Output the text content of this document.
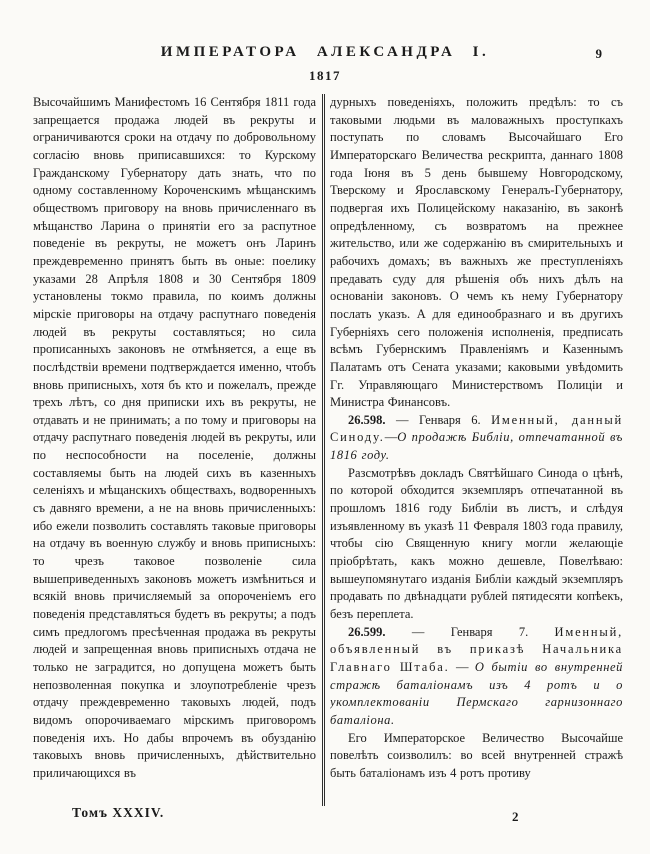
ИМПЕРАТОРА АЛЕКСАНДРА I.	9
1817

Высочайшимъ Манифестомъ 16 Сентября 1811 года запрещается продажа людей въ рекруты и ограничиваются сроки на отдачу по добровольному согласію вновь приписавшихся: то Курскому Гражданскому Губернатору дать знать, что по одному составленному Короченскимъ мѣщанскимъ обществомъ приговору на вновь причисленнаго въ мѣщанство Ларина о принятіи его за распутное поведеніе въ рекруты, не можетъ онъ Ларинъ преждевременно принятъ быть въ оные: поелику указами 28 Апрѣля 1808 и 30 Сентября 1809 установлены токмо правила, по коимъ должны мірскіе приговоры на отдачу распутнаго поведенія людей въ рекруты составляться; но сила прописанныхъ законовъ не отмѣняется, а еще въ послѣдствіи времени подтверждается именно, чтобъ вновь приписныхъ, хотя бъ кто и пожелалъ, прежде трехъ лѣтъ, со дня приписки ихъ въ рекруты, не отдавать и не принимать; а по тому и приговоры на отдачу распутнаго поведенія людей въ рекруты, или по неспособности на поселеніе, должны составляемы быть на людей сихъ въ казенныхъ селеніяхъ и мѣщанскихъ обществахъ, водворенныхъ съ давняго времени, а не на вновь причисленныхъ: ибо ежели позволить составлять таковые приговоры на отдачу въ военную службу и вновь приписныхъ: то чрезъ таковое позволеніе сила вышеприведенныхъ законовъ можетъ измѣниться и всякій вновь причисляемый за опороченіемъ его поведенія представляться будетъ въ рекруты; а подъ симъ предлогомъ пресѣченная продажа въ рекруты людей и запрещенная вновь приписныхъ отдача не только не заградится, но допущена можетъ быть непозволенная покупка и злоупотребленіе чрезъ отдачу преждевременно таковыхъ людей, подъ видомъ опорочиваемаго мірскимъ приговоромъ поведенія ихъ. Но дабы впрочемъ въ обузданію таковыхъ вновь причисленныхъ, дѣйствительно приличающихся въ

дурныхъ поведеніяхъ, положить предѣлъ: то съ таковыми людьми въ маловажныхъ проступкахъ поступать по словамъ Высочайшаго Его Императорскаго Величества рескрипта, даннаго 1808 года Іюня въ 5 день бывшему Новгородскому, Тверскому и Ярославскому Генералъ-Губернатору, подвергая ихъ Полицейскому наказанію, въ законѣ опредѣленному, съ возвратомъ на прежнее жительство, или же содержанію въ смирительныхъ и рабочихъ домахъ; въ важныхъ же преступленіяхъ предавать суду для рѣшенія объ нихъ дѣлъ на основаніи законовъ. О чемъ къ нему Губернатору послать указъ. А для единообразнаго и въ другихъ Губерніяхъ сего положенія исполненія, предписать всѣмъ Губернскимъ Правленіямъ и Казеннымъ Палатамъ отъ Сената указами; каковыми увѣдомить Гг. Управляющаго Министерствомъ Полиціи и Министра Финансовъ.

26.598. — Генваря 6. Именный, данный Синоду.—О продажѣ Библіи, отпечатанной въ 1816 году.

Разсмотрѣвъ докладъ Святѣйшаго Синода о цѣнѣ, по которой обходится экземпляръ отпечатанной въ прошломъ 1816 году Библіи въ листъ, и слѣдуя изъявленному въ указѣ 11 Февраля 1803 года правилу, чтобы сію Священную книгу могли желающіе пріобрѣтать, какъ можно дешевле, Повелѣваю: вышеупомянутаго изданія Библіи каждый экземпляръ продавать по двѣнадцати рублей пятидесяти копѣекъ, безъ переплета.

26.599. — Генваря 7. Именный, объявленный въ приказѣ Начальника Главнаго Штаба. — О бытіи во внутренней стражѣ баталіонамъ изъ 4 ротъ и о укомплектованіи Пермскаго гарнизоннаго баталіона.

Его Императорское Величество Высочайше повелѣть соизволилъ: во всей внутренней стражѣ быть баталіонамъ изъ 4 ротъ противу

Томъ XXXIV.	2
